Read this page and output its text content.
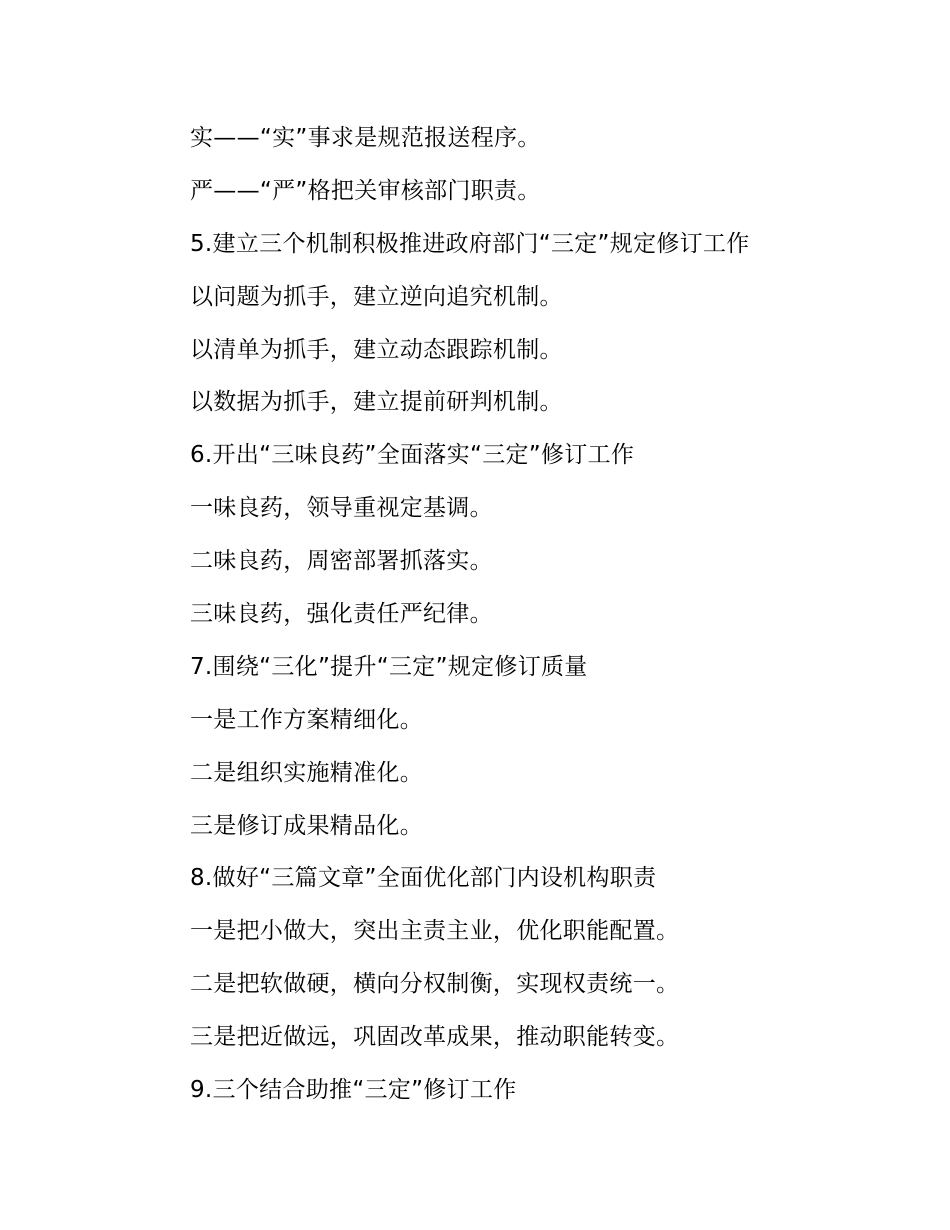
实——“实”事求是规范报送程序。
严——“严”格把关审核部门职责。
5.建立三个机制积极推进政府部门“三定”规定修订工作
以问题为抓手，建立逆向追究机制。
以清单为抓手，建立动态跟踪机制。
以数据为抓手，建立提前研判机制。
6.开出“三味良药”全面落实“三定”修订工作
一味良药，领导重视定基调。
二味良药，周密部署抓落实。
三味良药，强化责任严纪律。
7.围绕“三化”提升“三定”规定修订质量
一是工作方案精细化。
二是组织实施精准化。
三是修订成果精品化。
8.做好“三篇文章”全面优化部门内设机构职责
一是把小做大，突出主责主业，优化职能配置。
二是把软做硬，横向分权制衡，实现权责统一。
三是把近做远，巩固改革成果，推动职能转变。
9.三个结合助推“三定”修订工作
